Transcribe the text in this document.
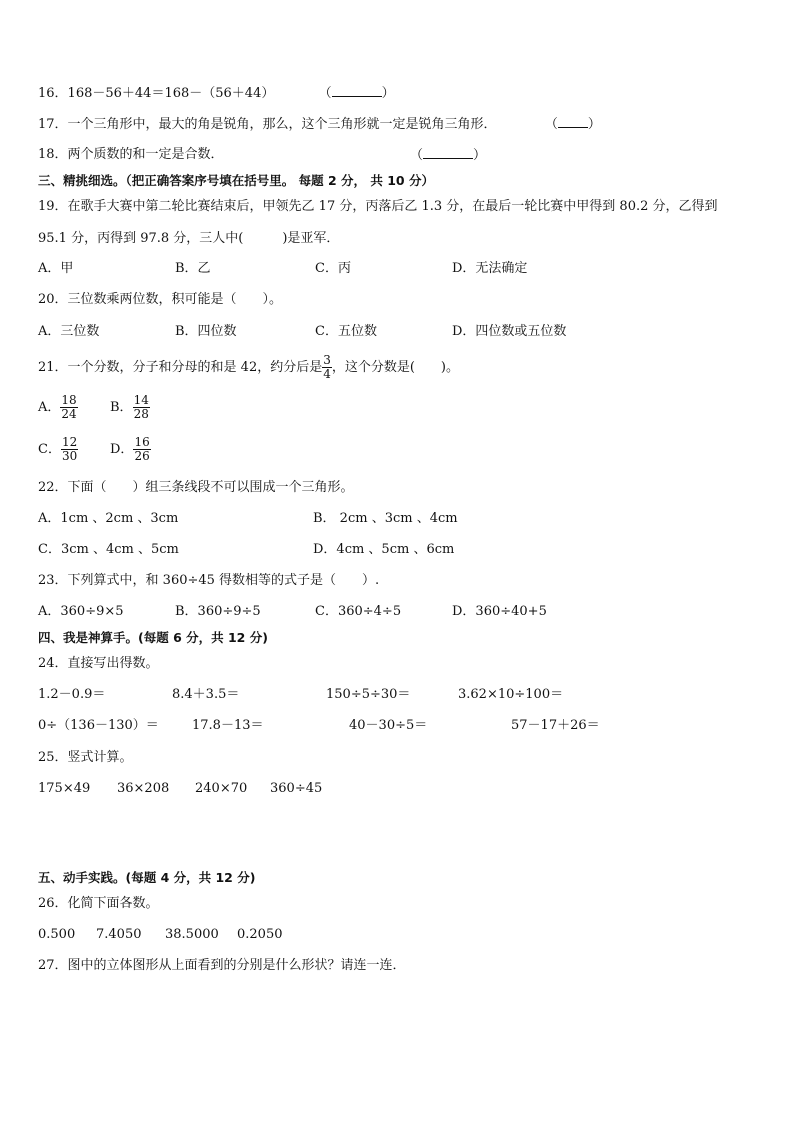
16．168－56＋44＝168－（56＋44）	（	）
17．一个三角形中，最大的角是锐角，那么，这个三角形就一定是锐角三角形．	（ ）
18．两个质数的和一定是合数．	（	）
三、精挑细选。（把正确答案序号填在括号里。 每题 2 分， 共 10 分）
19．在歌手大赛中第二轮比赛结束后，甲领先乙 17 分，丙落后乙 1.3 分，在最后一轮比赛中甲得到 80.2 分，乙得到
95.1 分，丙得到 97.8 分，三人中(　　　)是亚军．
A．甲	B．乙	C．丙	D．无法确定
20．三位数乘两位数，积可能是（　　）。
A．三位数	B．四位数	C．五位数	D．四位数或五位数
21．一个分数，分子和分母的和是 42，约分后是 $\frac{3}{4}$ ，这个分数是(　　)。
A． $\frac{18}{24}$ B． $\frac{14}{28}$
C． $\frac{12}{30}$ D． $\frac{16}{26}$
22．下面（　　）组三条线段不可以围成一个三角形。
A．1cm 、2cm 、3cm	B． 2cm 、3cm 、4cm
C．3cm 、4cm 、5cm	D．4cm 、5cm 、6cm
23．下列算式中，和 360÷45 得数相等的式子是（　　）.
A．360÷9×5	B．360÷9÷5	C．360÷4÷5	D．360÷40+5
四、我是神算手。(每题 6 分，共 12 分)
24．直接写出得数。
1.2－0.9＝	8.4＋3.5＝	150÷5÷30＝	3.62×10÷100＝
0÷（136－130）＝	17.8－13＝	40－30÷5＝	57－17＋26＝
25．竖式计算。
175×49 36×208 240×70 360÷45
五、动手实践。(每题 4 分，共 12 分)
26．化简下面各数。
0.500 7.4050 38.5000 0.2050
27．图中的立体图形从上面看到的分别是什么形状？请连一连．
